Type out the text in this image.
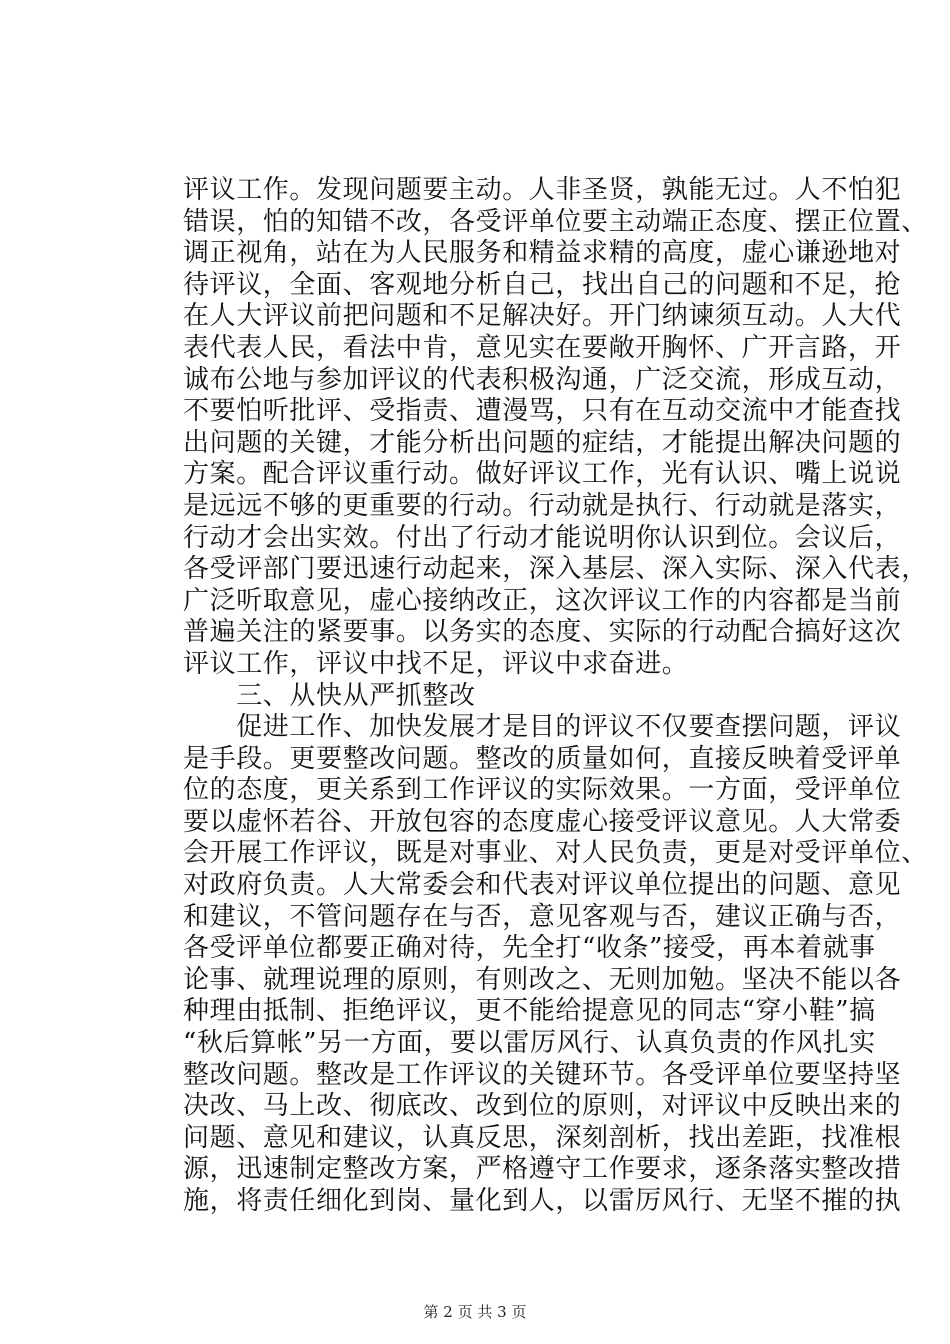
评议工作。发现问题要主动。人非圣贤，孰能无过。人不怕犯
错误，怕的知错不改，各受评单位要主动端正态度、摆正位置、
调正视角，站在为人民服务和精益求精的高度，虚心谦逊地对
待评议，全面、客观地分析自己，找出自己的问题和不足，抢
在人大评议前把问题和不足解决好。开门纳谏须互动。人大代
表代表人民，看法中肯，意见实在要敞开胸怀、广开言路，开
诚布公地与参加评议的代表积极沟通，广泛交流，形成互动，
不要怕听批评、受指责、遭漫骂，只有在互动交流中才能查找
出问题的关键，才能分析出问题的症结，才能提出解决问题的
方案。配合评议重行动。做好评议工作，光有认识、嘴上说说
是远远不够的更重要的行动。行动就是执行、行动就是落实，
行动才会出实效。付出了行动才能说明你认识到位。会议后，
各受评部门要迅速行动起来，深入基层、深入实际、深入代表，
广泛听取意见，虚心接纳改正，这次评议工作的内容都是当前
普遍关注的紧要事。以务实的态度、实际的行动配合搞好这次
评议工作，评议中找不足，评议中求奋进。
　　三、从快从严抓整改
　　促进工作、加快发展才是目的评议不仅要查摆问题，评议
是手段。更要整改问题。整改的质量如何，直接反映着受评单
位的态度，更关系到工作评议的实际效果。一方面，受评单位
要以虚怀若谷、开放包容的态度虚心接受评议意见。人大常委
会开展工作评议，既是对事业、对人民负责，更是对受评单位、
对政府负责。人大常委会和代表对评议单位提出的问题、意见
和建议，不管问题存在与否，意见客观与否，建议正确与否，
各受评单位都要正确对待，先全打“收条”接受，再本着就事
论事、就理说理的原则，有则改之、无则加勉。坚决不能以各
种理由抵制、拒绝评议，更不能给提意见的同志“穿小鞋”搞
“秋后算帐”另一方面，要以雷厉风行、认真负责的作风扎实
整改问题。整改是工作评议的关键环节。各受评单位要坚持坚
决改、马上改、彻底改、改到位的原则，对评议中反映出来的
问题、意见和建议，认真反思，深刻剖析，找出差距，找准根
源，迅速制定整改方案，严格遵守工作要求，逐条落实整改措
施，将责任细化到岗、量化到人，以雷厉风行、无坚不摧的执
第 2 页 共 3 页
